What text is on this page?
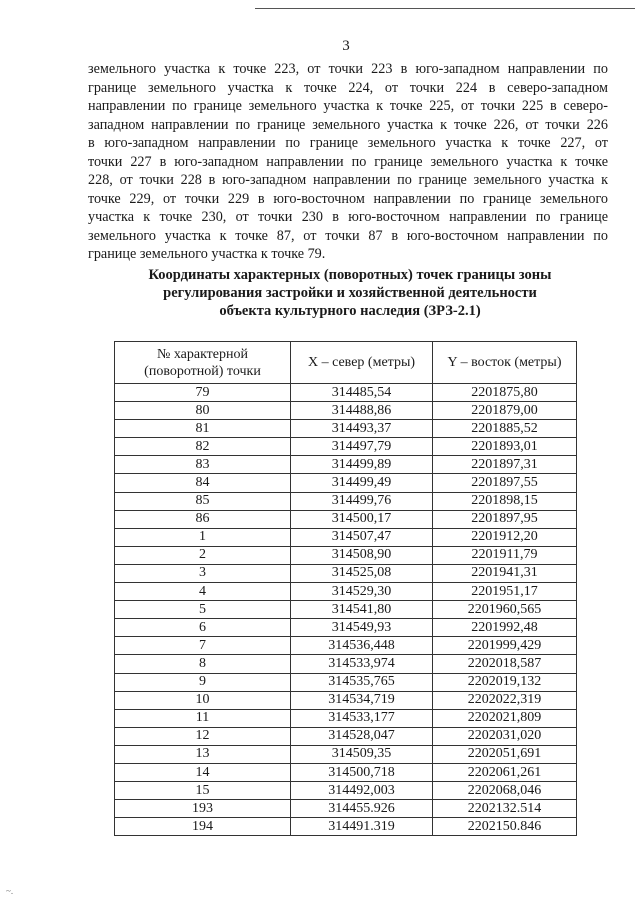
3

земельного участка к точке 223, от точки 223 в юго-западном направлении по
границе земельного участка к точке 224, от точки 224 в северо-западном
направлении по границе земельного участка к точке 225, от точки 225 в северо-
западном направлении по границе земельного участка к точке 226, от точки 226
в юго-западном направлении по границе земельного участка к точке 227, от
точки 227 в юго-западном направлении по границе земельного участка к точке
228, от точки 228 в юго-западном направлении по границе земельного участка к
точке 229, от точки 229 в юго-восточном направлении по границе земельного
участка к точке 230, от точки 230 в юго-восточном направлении по границе
земельного участка к точке 87, от точки 87 в юго-восточном направлении по
границе земельного участка к точке 79.

Координаты характерных (поворотных) точек границы зоны
регулирования застройки и хозяйственной деятельности
объекта культурного наследия (ЗРЗ-2.1)
№ характерной
(поворотной) точки	X – север (метры)	Y – восток (метры)
79	314485,54	2201875,80
80	314488,86	2201879,00
81	314493,37	2201885,52
82	314497,79	2201893,01
83	314499,89	2201897,31
84	314499,49	2201897,55
85	314499,76	2201898,15
86	314500,17	2201897,95
1	314507,47	2201912,20
2	314508,90	2201911,79
3	314525,08	2201941,31
4	314529,30	2201951,17
5	314541,80	2201960,565
6	314549,93	2201992,48
7	314536,448	2201999,429
8	314533,974	2202018,587
9	314535,765	2202019,132
10	314534,719	2202022,319
11	314533,177	2202021,809
12	314528,047	2202031,020
13	314509,35	2202051,691
14	314500,718	2202061,261
15	314492,003	2202068,046
193	314455.926	2202132.514
194	314491.319	2202150.846
~.
